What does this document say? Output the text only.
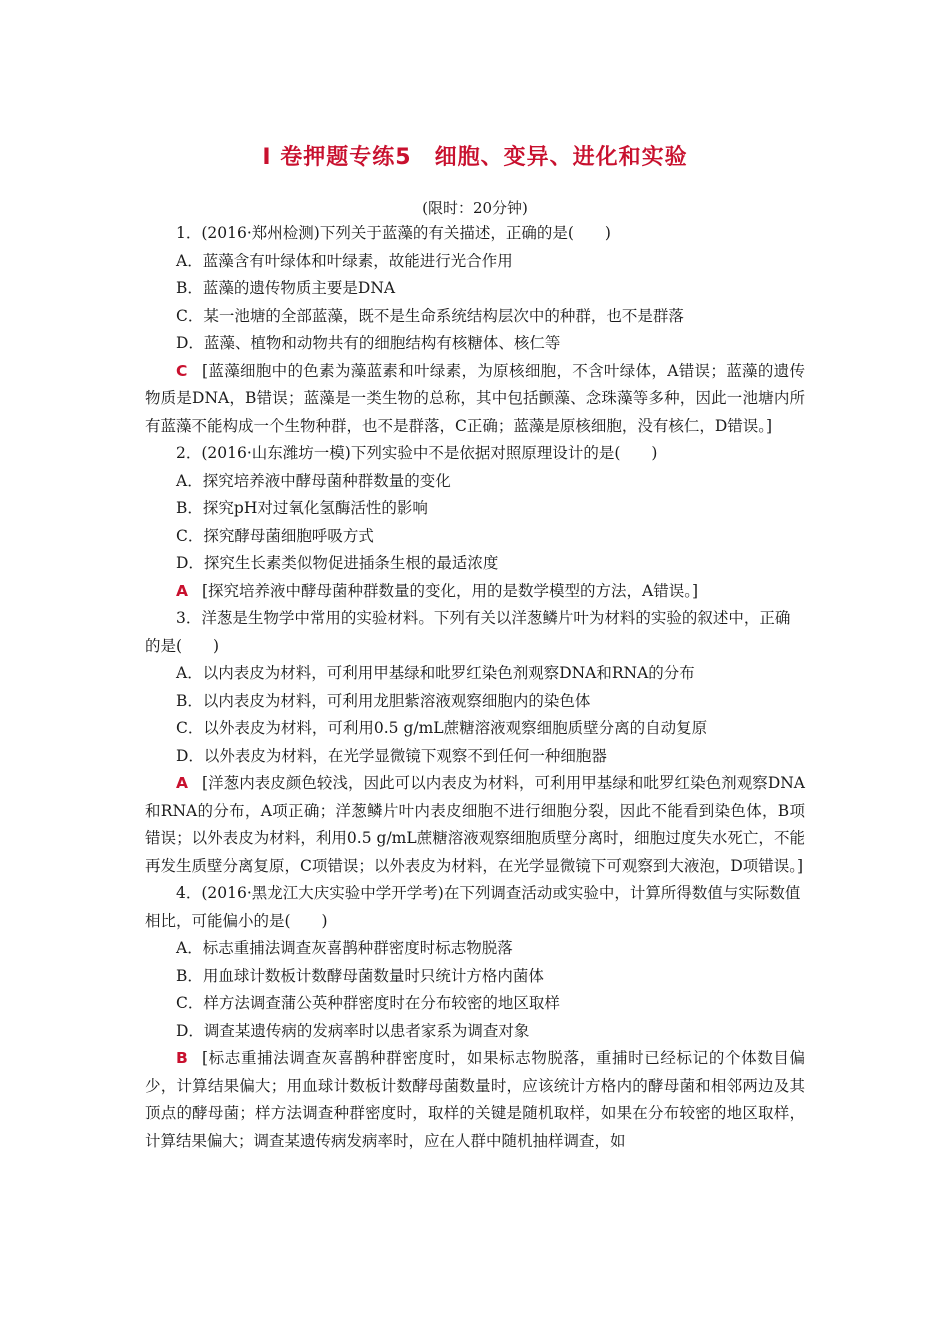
Ⅰ 卷押题专练5　细胞、变异、进化和实验
(限时：20分钟)

1．(2016·郑州检测)下列关于蓝藻的有关描述，正确的是(　　)

A．蓝藻含有叶绿体和叶绿素，故能进行光合作用

B．蓝藻的遗传物质主要是DNA

C．某一池塘的全部蓝藻，既不是生命系统结构层次中的种群，也不是群落

D．蓝藻、植物和动物共有的细胞结构有核糖体、核仁等

C [蓝藻细胞中的色素为藻蓝素和叶绿素，为原核细胞，不含叶绿体，A错误；蓝藻的遗传物质是DNA，B错误；蓝藻是一类生物的总称，其中包括颤藻、念珠藻等多种，因此一池塘内所有蓝藻不能构成一个生物种群，也不是群落，C正确；蓝藻是原核细胞，没有核仁，D错误。]

2．(2016·山东潍坊一模)下列实验中不是依据对照原理设计的是(　　)

A．探究培养液中酵母菌种群数量的变化

B．探究pH对过氧化氢酶活性的影响

C．探究酵母菌细胞呼吸方式

D．探究生长素类似物促进插条生根的最适浓度

A [探究培养液中酵母菌种群数量的变化，用的是数学模型的方法，A错误。]

3．洋葱是生物学中常用的实验材料。下列有关以洋葱鳞片叶为材料的实验的叙述中，正确的是(　　)

A．以内表皮为材料，可利用甲基绿和吡罗红染色剂观察DNA和RNA的分布

B．以内表皮为材料，可利用龙胆紫溶液观察细胞内的染色体

C．以外表皮为材料，可利用0.5 g/mL蔗糖溶液观察细胞质壁分离的自动复原

D．以外表皮为材料，在光学显微镜下观察不到任何一种细胞器

A [洋葱内表皮颜色较浅，因此可以内表皮为材料，可利用甲基绿和吡罗红染色剂观察DNA和RNA的分布，A项正确；洋葱鳞片叶内表皮细胞不进行细胞分裂，因此不能看到染色体，B项错误；以外表皮为材料，利用0.5 g/mL蔗糖溶液观察细胞质壁分离时，细胞过度失水死亡，不能再发生质壁分离复原，C项错误；以外表皮为材料，在光学显微镜下可观察到大液泡，D项错误。]

4．(2016·黑龙江大庆实验中学开学考)在下列调查活动或实验中，计算所得数值与实际数值相比，可能偏小的是(　　)

A．标志重捕法调查灰喜鹊种群密度时标志物脱落

B．用血球计数板计数酵母菌数量时只统计方格内菌体

C．样方法调查蒲公英种群密度时在分布较密的地区取样

D．调查某遗传病的发病率时以患者家系为调查对象

B [标志重捕法调查灰喜鹊种群密度时，如果标志物脱落，重捕时已经标记的个体数目偏少，计算结果偏大；用血球计数板计数酵母菌数量时，应该统计方格内的酵母菌和相邻两边及其顶点的酵母菌；样方法调查种群密度时，取样的关键是随机取样，如果在分布较密的地区取样，计算结果偏大；调查某遗传病发病率时，应在人群中随机抽样调查，如
